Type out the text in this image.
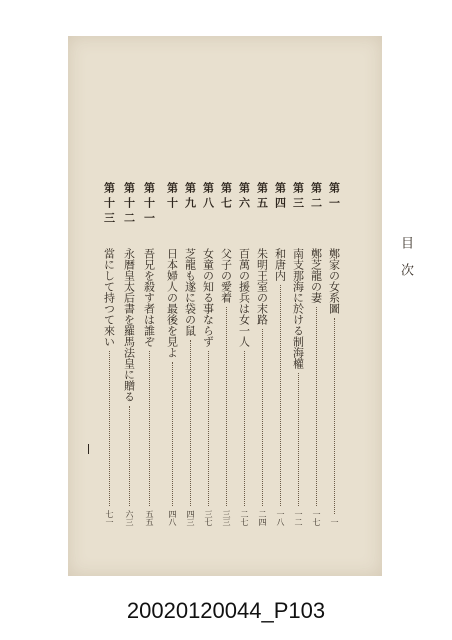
目次
第一
鄭家の女系圖
一
第二
鄭芝龍の妻
一七
第三
南支那海に於ける制海權
一二
第四
和唐内
一八
第五
朱明王室の末路
二四
第六
百萬の援兵は女一人
二七
第七
父子の愛着
三三
第八
女童の知る事ならず
三七
第九
芝龍も遂に袋の鼠
四三
第十
日本婦人の最後を見よ
四八
第十一
吾兄を殺す者は誰ぞ
五五
第十二
永暦皇太后書を羅馬法皇に贈る
六三
第十三
當にして持つて來い
七一
20020120044_P103
